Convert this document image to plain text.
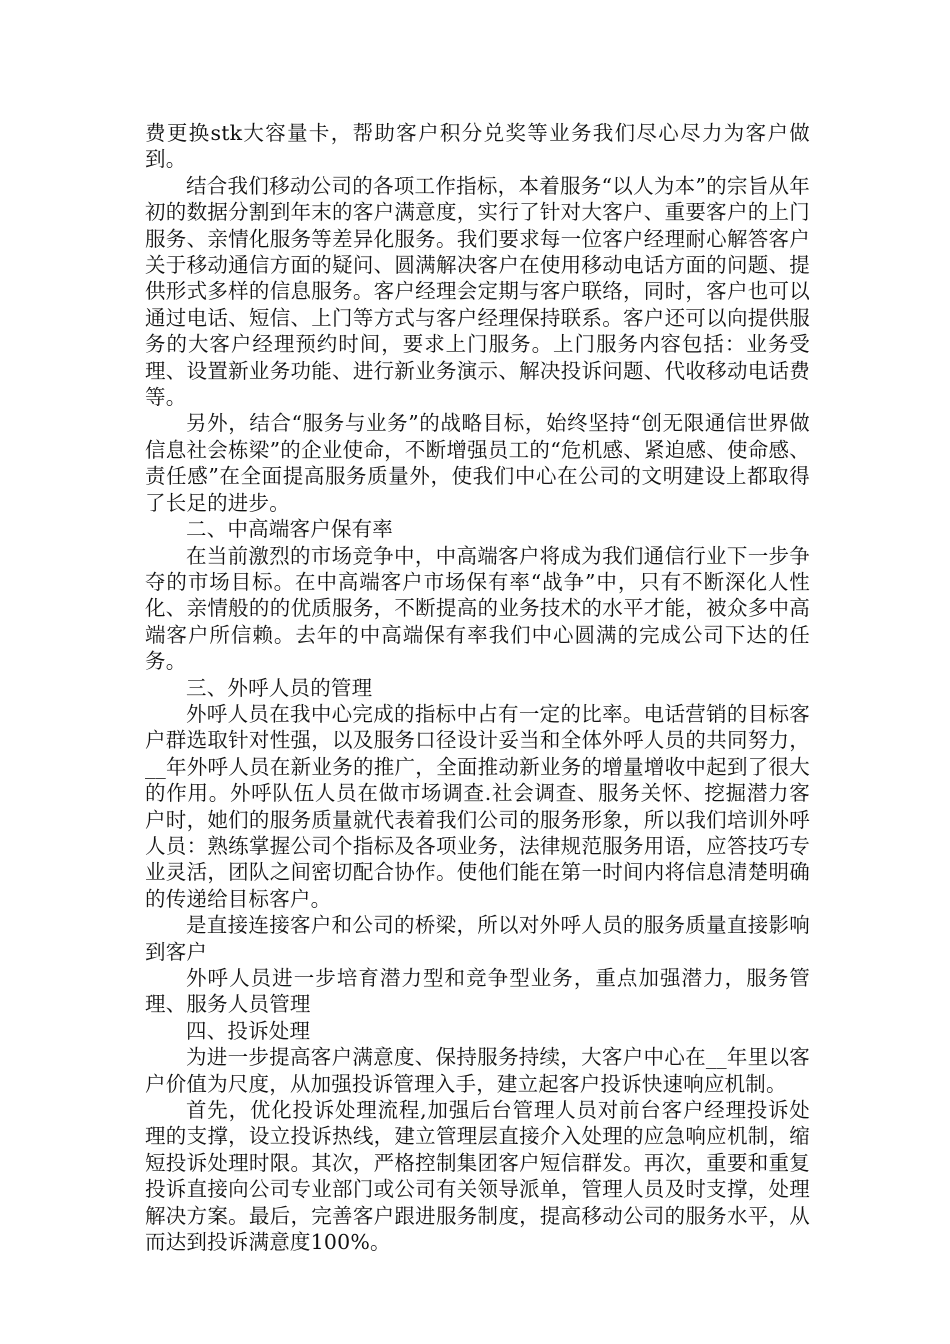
费更换stk大容量卡，帮助客户积分兑奖等业务我们尽心尽力为客户做到。

结合我们移动公司的各项工作指标，本着服务“以人为本”的宗旨从年初的数据分割到年末的客户满意度，实行了针对大客户、重要客户的上门服务、亲情化服务等差异化服务。我们要求每一位客户经理耐心解答客户关于移动通信方面的疑问、圆满解决客户在使用移动电话方面的问题、提供形式多样的信息服务。客户经理会定期与客户联络，同时，客户也可以通过电话、短信、上门等方式与客户经理保持联系。客户还可以向提供服务的大客户经理预约时间，要求上门服务。上门服务内容包括：业务受理、设置新业务功能、进行新业务演示、解决投诉问题、代收移动电话费等。

另外，结合“服务与业务”的战略目标，始终坚持“创无限通信世界做信息社会栋梁”的企业使命，不断增强员工的“危机感、紧迫感、使命感、责任感”在全面提高服务质量外，使我们中心在公司的文明建设上都取得了长足的进步。

二、中高端客户保有率

在当前激烈的市场竞争中，中高端客户将成为我们通信行业下一步争夺的市场目标。在中高端客户市场保有率“战争”中，只有不断深化人性化、亲情般的的优质服务，不断提高的业务技术的水平才能，被众多中高端客户所信赖。去年的中高端保有率我们中心圆满的完成公司下达的任务。

三、外呼人员的管理

外呼人员在我中心完成的指标中占有一定的比率。电话营销的目标客户群选取针对性强，以及服务口径设计妥当和全体外呼人员的共同努力，__年外呼人员在新业务的推广，全面推动新业务的增量增收中起到了很大的作用。外呼队伍人员在做市场调查.社会调查、服务关怀、挖掘潜力客户时，她们的服务质量就代表着我们公司的服务形象，所以我们培训外呼人员：熟练掌握公司个指标及各项业务，法律规范服务用语，应答技巧专业灵活，团队之间密切配合协作。使他们能在第一时间内将信息清楚明确的传递给目标客户。

是直接连接客户和公司的桥梁，所以对外呼人员的服务质量直接影响到客户

外呼人员进一步培育潜力型和竞争型业务，重点加强潜力，服务管理、服务人员管理

四、投诉处理

为进一步提高客户满意度、保持服务持续，大客户中心在__年里以客户价值为尺度，从加强投诉管理入手，建立起客户投诉快速响应机制。

首先，优化投诉处理流程,加强后台管理人员对前台客户经理投诉处理的支撑，设立投诉热线，建立管理层直接介入处理的应急响应机制，缩短投诉处理时限。其次，严格控制集团客户短信群发。再次，重要和重复投诉直接向公司专业部门或公司有关领导派单，管理人员及时支撑，处理解决方案。最后，完善客户跟进服务制度，提高移动公司的服务水平，从而达到投诉满意度100%。
